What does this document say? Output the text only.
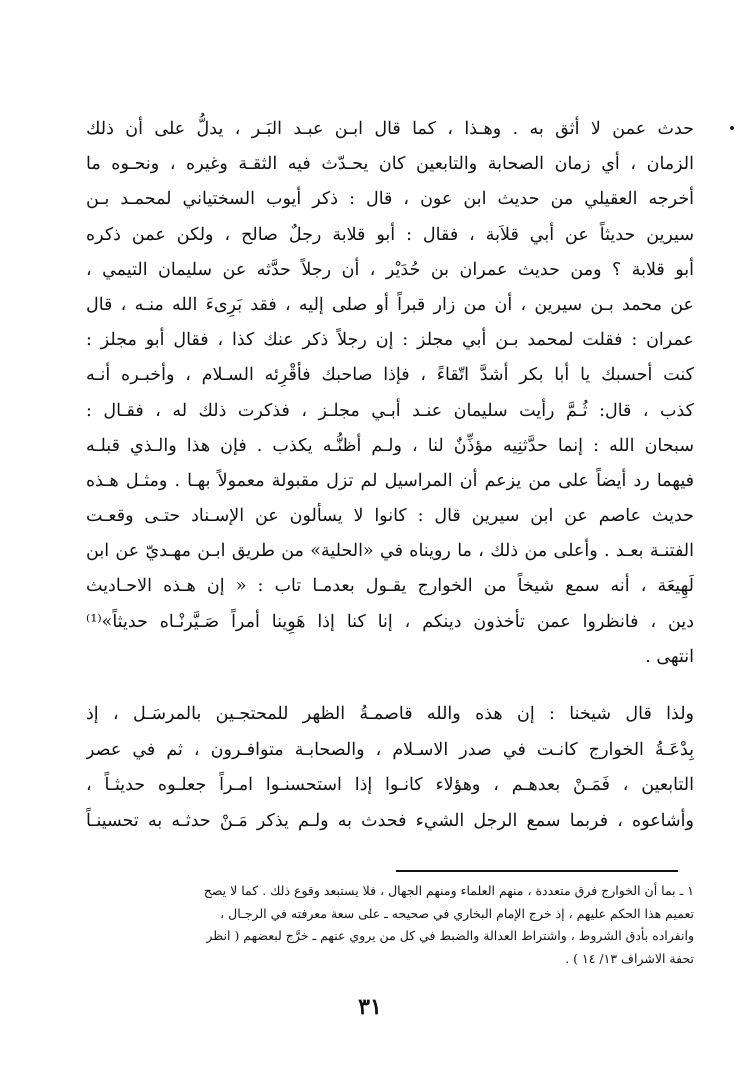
حدث عمن لا أثق به . وهـذا ، كما قال ابـن عبـد البَـر ، يدلُّ على أن ذلك
الزمان ، أي زمان الصحابة والتابعين كان يحـدّث فيه الثقـة وغيره ، ونحـوه ما
أخرجه العقيلي من حديث ابن عون ، قال : ذكر أيوب السختياني لمحمـد بـن
سيرين حديثاً عن أبي قلاَبة ، فقال : أبو قلابة رجلٌ صالح ، ولكن عمن ذكره
أبو قلابة ؟ ومن حديث عمران بن حُدَيْر ، أن رجلاً حدَّثه عن سليمان التيمي ،
عن محمد بـن سيرين ، أن من زار قبراً أو صلى إليه ، فقد بَرِىءَ الله منـه ، قال
عمران : فقلت لمحمد بـن أبي مجلز : إن رجلاً ذكر عنك كذا ، فقال أبو مجلز :
كنت أحسبك يا أبا بكر أشدَّ اتّقاءً ، فإذا صاحبك فأقْرِئه السـلام ، وأخبـره أنـه
كذب ، قال: ثُـمَّ رأيت سليمان عنـد أبـي مجلـز ، فذكرت ذلك له ، فقـال :
سبحان الله : إنما حدَّثنِيه مؤذِّنٌ لنا ، ولـم أظنُّـه يكذب . فإن هذا والـذي قبلـه
فيهما رد أيضاً على من يزعم أن المراسيل لم تزل مقبولة معمولاً بهـا . ومثـل هـذه
حديث عاصم عن ابن سيرين قال : كانوا لا يسألون عن الإسـناد حتـى وقعـت
الفتنـة بعـد . وأعلى من ذلك ، ما رويناه في «الحلية» من طريق ابـن مهـديّ عن ابن
لَهِيعَة ، أنه سمع شيخاً من الخوارج يقـول بعدمـا تاب : « إن هـذه الاحـاديث
دين ، فانظروا عمن تأخذون دينكم ، إنا كنا إذا هَوِينا أمراً صَـيَّرنْـاه حديثاً»⁽¹⁾
انتهى .
ولذا قال شيخنا : إن هذه والله قاصمـةُ الظهر للمحتجـين بالمرسَـل ، إذ
بِدْعَـةُ الخوارج كانـت في صدر الاسـلام ، والصحابـة متوافـرون ، ثم في عصر
التابعين ، فَمَـنْ بعدهـم ، وهؤلاء كانـوا إذا استحسنـوا امـراً جعلـوه حديثـاً ،
وأشاعوه ، فربما سمع الرجل الشيء فحدث به ولـم يذكر مَـنْ حدثـه به تحسينـاً
١ ـ بما أن الخوارج فرق متعددة ، منهم العلماء ومنهم الجهال ، فلا يستبعد وقوع ذلك . كما لا يصح
تعميم هذا الحكم عليهم ، إذ خرج الإمام البخاري في صحيحه ـ على سعة معرفته في الرجـال ،
وانفراده بأدق الشروط ، واشتراط العدالة والضبط في كل من يروي عنهم ـ خرَّج لبعضهم ( انظر
تحفة الاشراف ١٣/ ١٤ ) .
٣١
